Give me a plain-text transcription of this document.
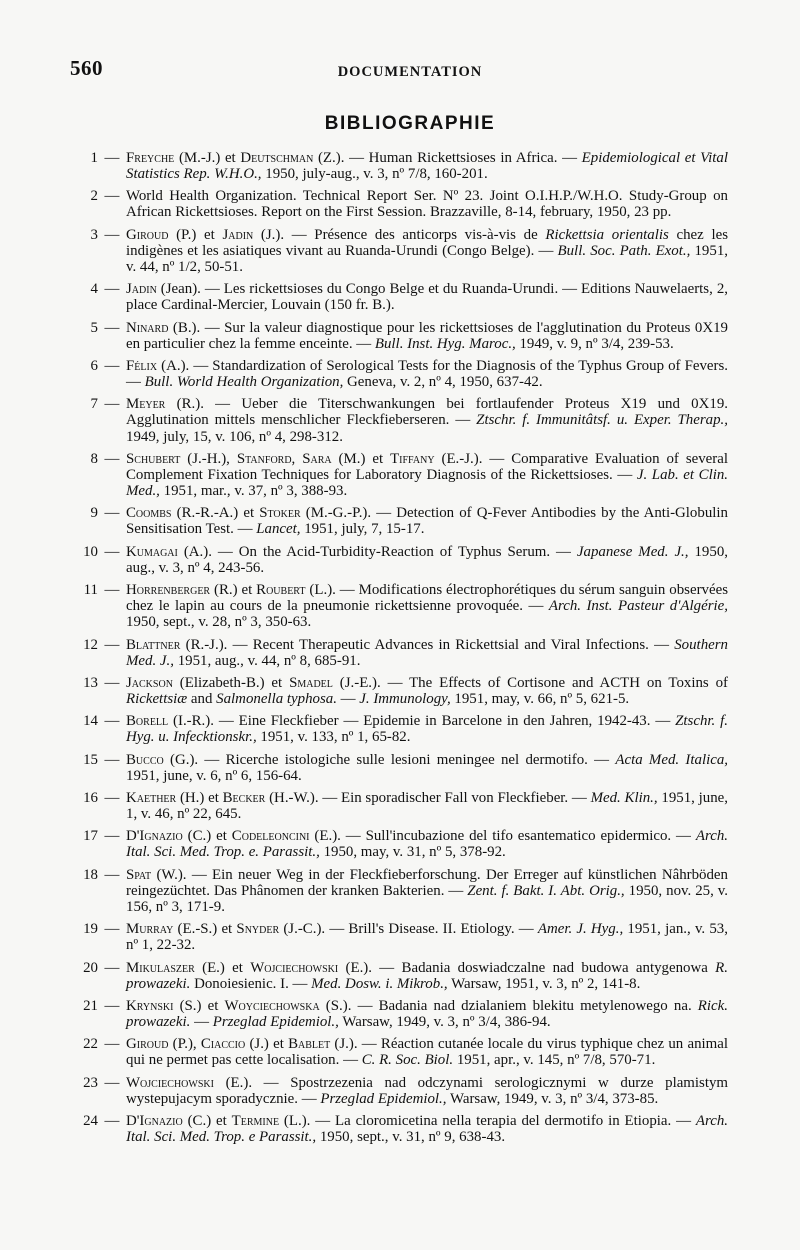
560	DOCUMENTATION
BIBLIOGRAPHIE
1 — Freyche (M.-J.) et Deutschman (Z.). — Human Rickettsioses in Africa. — Epidemiological et Vital Statistics Rep. W.H.O., 1950, july-aug., v. 3, nº 7/8, 160-201.
2 — World Health Organization. Technical Report Ser. Nº 23. Joint O.I.H.P./W.H.O. Study-Group on African Rickettsioses. Report on the First Session. Brazzaville, 8-14, february, 1950, 23 pp.
3 — Giroud (P.) et Jadin (J.). — Présence des anticorps vis-à-vis de Rickettsia orientalis chez les indigènes et les asiatiques vivant au Ruanda-Urundi (Congo Belge). — Bull. Soc. Path. Exot., 1951, v. 44, nº 1/2, 50-51.
4 — Jadin (Jean). — Les rickettsioses du Congo Belge et du Ruanda-Urundi. — Editions Nauwelaerts, 2, place Cardinal-Mercier, Louvain (150 fr. B.).
5 — Ninard (B.). — Sur la valeur diagnostique pour les rickettsioses de l'agglutination du Proteus 0X19 en particulier chez la femme enceinte. — Bull. Inst. Hyg. Maroc., 1949, v. 9, nº 3/4, 239-53.
6 — Félix (A.). — Standardization of Serological Tests for the Diagnosis of the Typhus Group of Fevers. — Bull. World Health Organization, Geneva, v. 2, nº 4, 1950, 637-42.
7 — Meyer (R.). — Ueber die Titerschwankungen bei fortlaufender Proteus X19 und 0X19. Agglutination mittels menschlicher Fleckfieberseren. — Ztschr. f. Immunitâtsf. u. Exper. Therap., 1949, july, 15, v. 106, nº 4, 298-312.
8 — Schubert (J.-H.), Stanford, Sara (M.) et Tiffany (E.-J.). — Comparative Evaluation of several Complement Fixation Techniques for Laboratory Diagnosis of the Rickettsioses. — J. Lab. et Clin. Med., 1951, mar., v. 37, nº 3, 388-93.
9 — Coombs (R.-R.-A.) et Stoker (M.-G.-P.). — Detection of Q-Fever Antibodies by the Anti-Globulin Sensitisation Test. — Lancet, 1951, july, 7, 15-17.
10 — Kumagai (A.). — On the Acid-Turbidity-Reaction of Typhus Serum. — Japanese Med. J., 1950, aug., v. 3, nº 4, 243-56.
11 — Horrenberger (R.) et Roubert (L.). — Modifications électrophorétiques du sérum sanguin observées chez le lapin au cours de la pneumonie rickettsienne provoquée. — Arch. Inst. Pasteur d'Algérie, 1950, sept., v. 28, nº 3, 350-63.
12 — Blattner (R.-J.). — Recent Therapeutic Advances in Rickettsial and Viral Infections. — Southern Med. J., 1951, aug., v. 44, nº 8, 685-91.
13 — Jackson (Elizabeth-B.) et Smadel (J.-E.). — The Effects of Cortisone and ACTH on Toxins of Rickettsiæ and Salmonella typhosa. — J. Immunology, 1951, may, v. 66, nº 5, 621-5.
14 — Borell (I.-R.). — Eine Fleckfieber — Epidemie in Barcelone in den Jahren, 1942-43. — Ztschr. f. Hyg. u. Infecktionskr., 1951, v. 133, nº 1, 65-82.
15 — Bucco (G.). — Ricerche istologiche sulle lesioni meningee nel dermotifo. — Acta Med. Italica, 1951, june, v. 6, nº 6, 156-64.
16 — Kaether (H.) et Becker (H.-W.). — Ein sporadischer Fall von Fleckfieber. — Med. Klin., 1951, june, 1, v. 46, nº 22, 645.
17 — D'Ignazio (C.) et Codeleoncini (E.). — Sull'incubazione del tifo esantematico epidermico. — Arch. Ital. Sci. Med. Trop. e. Parassit., 1950, may, v. 31, nº 5, 378-92.
18 — Spat (W.). — Ein neuer Weg in der Fleckfieberforschung. Der Erreger auf künstlichen Nâhrböden reingezüchtet. Das Phânomen der kranken Bakterien. — Zent. f. Bakt. I. Abt. Orig., 1950, nov. 25, v. 156, nº 3, 171-9.
19 — Murray (E.-S.) et Snyder (J.-C.). — Brill's Disease. II. Etiology. — Amer. J. Hyg., 1951, jan., v. 53, nº 1, 22-32.
20 — Mikulaszer (E.) et Wojciechowski (E.). — Badania doswiadczalne nad budowa antygenowa R. prowazeki. Donoiesienic. I. — Med. Dosw. i. Mikrob., Warsaw, 1951, v. 3, nº 2, 141-8.
21 — Krynski (S.) et Woyciechowska (S.). — Badania nad dzialaniem blekitu metylenowego na. Rick. prowazeki. — Przeglad Epidemiol., Warsaw, 1949, v. 3, nº 3/4, 386-94.
22 — Giroud (P.), Ciaccio (J.) et Bablet (J.). — Réaction cutanée locale du virus typhique chez un animal qui ne permet pas cette localisation. — C. R. Soc. Biol. 1951, apr., v. 145, nº 7/8, 570-71.
23 — Wojciechowski (E.). — Spostrzezenia nad odczynami serologicznymi w durze plamistym wystepujacym sporadycznie. — Przeglad Epidemiol., Warsaw, 1949, v. 3, nº 3/4, 373-85.
24 — D'Ignazio (C.) et Termine (L.). — La cloromicetina nella terapia del dermotifo in Etiopia. — Arch. Ital. Sci. Med. Trop. e Parassit., 1950, sept., v. 31, nº 9, 638-43.
